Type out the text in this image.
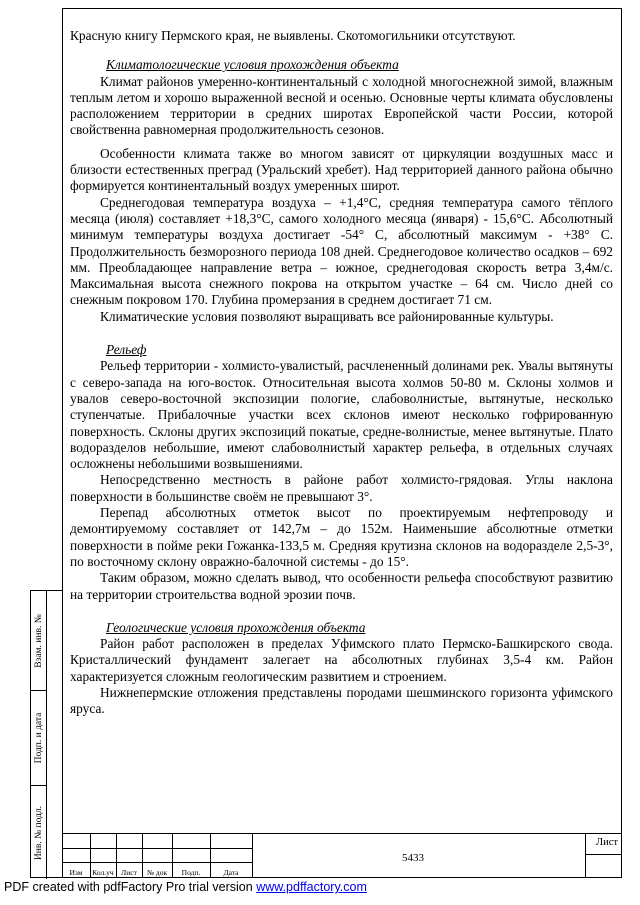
Красную книгу Пермского края, не выявлены. Скотомогильники отсутствуют.

Климатологические условия прохождения объекта

Климат районов умеренно-континентальный с холодной многоснежной зимой, влажным теплым летом и хорошо выраженной весной и осенью. Основные черты климата обусловлены расположением территории в средних широтах Европейской части России, которой свойственна равномерная продолжительность сезонов.

Особенности климата также во многом зависят от циркуляции воздушных масс и близости естественных преград (Уральский хребет). Над территорией данного района обычно формируется континентальный воздух умеренных широт.

Среднегодовая температура воздуха – +1,4°С, средняя температура самого тёплого месяца (июля) составляет +18,3°С, самого холодного месяца (января) - 15,6°С. Абсолютный минимум температуры воздуха достигает -54° С, абсолютный максимум - +38° С. Продолжительность безморозного периода 108 дней. Среднегодовое количество осадков – 692 мм. Преобладающее направление ветра – южное, среднегодовая скорость ветра 3,4м/с. Максимальная высота снежного покрова на открытом участке – 64 см. Число дней со снежным покровом 170. Глубина промерзания в среднем достигает 71 см.

Климатические условия позволяют выращивать все районированные культуры.

Рельеф

Рельеф территории - холмисто-увалистый, расчлененный долинами рек. Увалы вытянуты с северо-запада на юго-восток. Относительная высота холмов 50-80 м. Склоны холмов и увалов северо-восточной экспозиции пологие, слабоволнистые, вытянутые, несколько ступенчатые. Прибалочные участки всех склонов имеют несколько гофрированную поверхность. Склоны других экспозиций покатые, средне-волнистые, менее вытянутые. Плато водоразделов небольшие, имеют слабоволнистый характер рельефа, в отдельных случаях осложнены небольшими возвышениями.

Непосредственно местность в районе работ холмисто-грядовая. Углы наклона поверхности в большинстве своём не превышают 3°.

Перепад абсолютных отметок высот по проектируемым нефтепроводу и демонтируемому составляет от 142,7м – до 152м. Наименьшие абсолютные отметки поверхности в пойме реки Гожанка-133,5 м. Средняя крутизна склонов на водоразделе 2,5-3°, по восточному склону овражно-балочной системы - до 15°.

Таким образом, можно сделать вывод, что особенности рельефа способствуют развитию на территории строительства водной эрозии почв.

Геологические условия прохождения объекта

Район работ расположен в пределах Уфимского плато Пермско-Башкирского свода. Кристаллический фундамент залегает на абсолютных глубинах 3,5-4 км. Район характеризуется сложным геологическим развитием и строением.

Нижнепермские отложения представлены породами шешминского горизонта уфимского яруса.

Взам. инв. №
Подп. и дата
Инв. № подл.
Изм	Кол.уч Лист	№ док	Подп.	Дата
5433
Лист
PDF created with pdfFactory Pro trial version www.pdffactory.com
